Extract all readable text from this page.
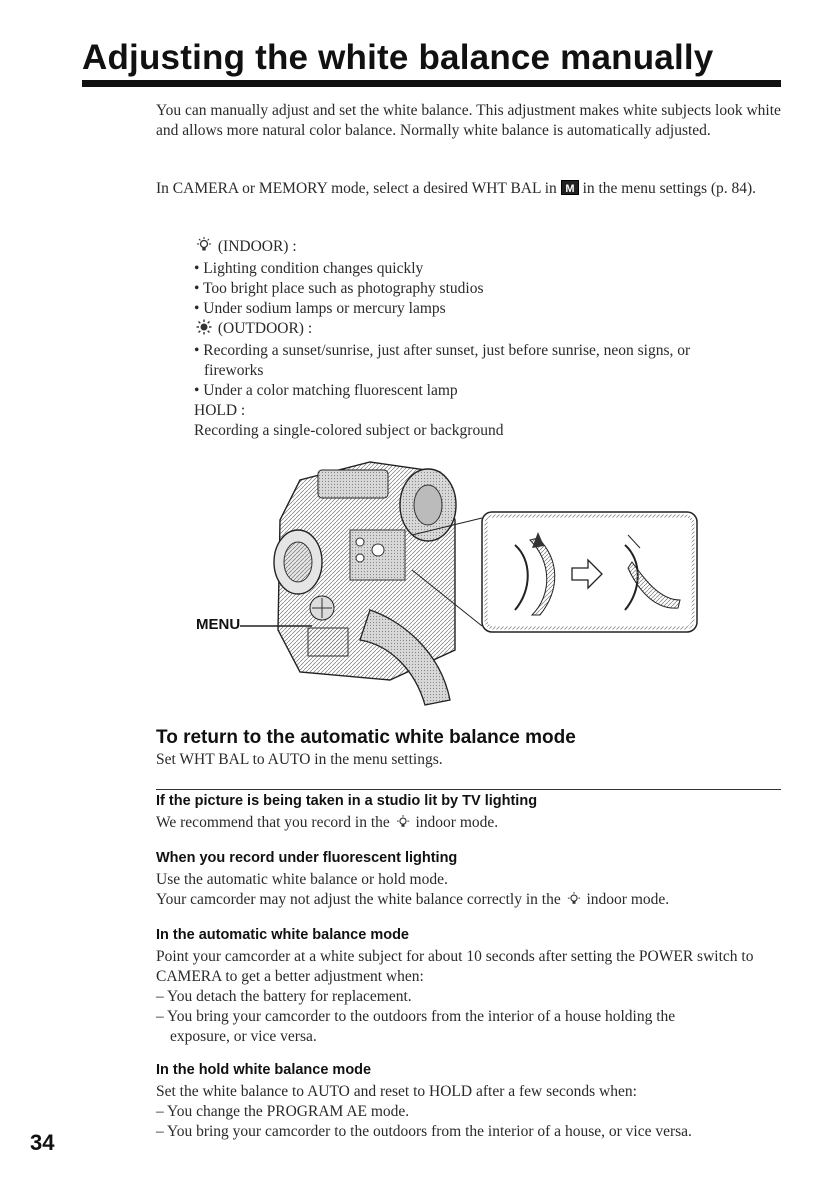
Adjusting the white balance manually

You can manually adjust and set the white balance. This adjustment makes white subjects look white and allows more natural color balance. Normally white balance is automatically adjusted.

In CAMERA or MEMORY mode, select a desired WHT BAL in M in the menu settings (p. 84).

(INDOOR) :
• Lighting condition changes quickly
• Too bright place such as photography studios
• Under sodium lamps or mercury lamps
(OUTDOOR) :
• Recording a sunset/sunrise, just after sunset, just before sunrise, neon signs, or
fireworks
• Under a color matching fluorescent lamp
HOLD :
Recording a single-colored subject or background
MENU
To return to the automatic white balance mode

Set WHT BAL to AUTO in the menu settings.

If the picture is being taken in a studio lit by TV lighting

We recommend that you record in the indoor mode.

When you record under fluorescent lighting

Use the automatic white balance or hold mode.

Your camcorder may not adjust the white balance correctly in the indoor mode.

In the automatic white balance mode

Point your camcorder at a white subject for about 10 seconds after setting the POWER switch to CAMERA to get a better adjustment when:

– You detach the battery for replacement.

– You bring your camcorder to the outdoors from the interior of a house holding the

exposure, or vice versa.

In the hold white balance mode

Set the white balance to AUTO and reset to HOLD after a few seconds when:

– You change the PROGRAM AE mode.

– You bring your camcorder to the outdoors from the interior of a house, or vice versa.

34
